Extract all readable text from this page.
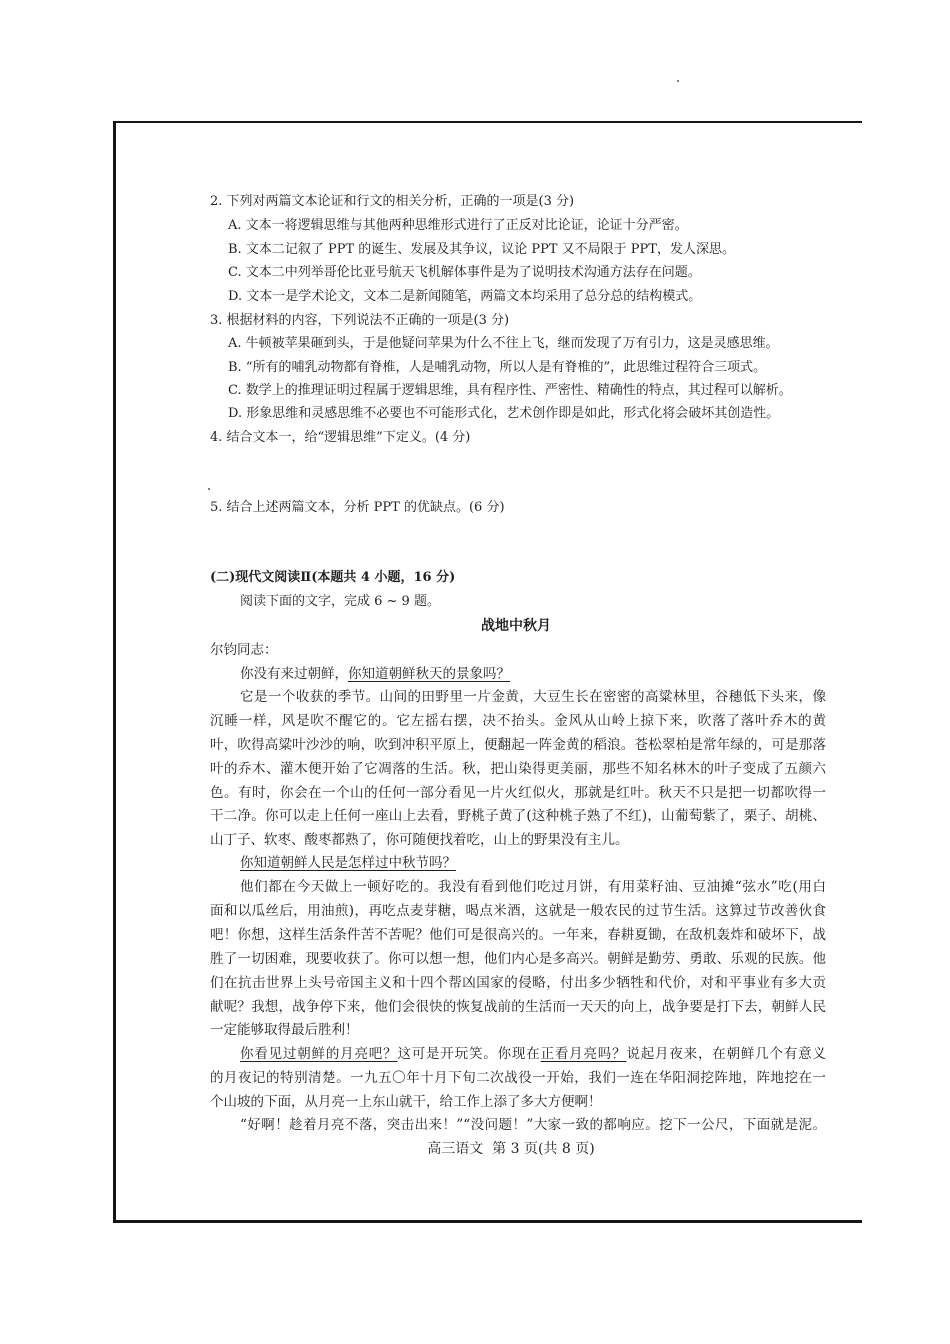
2. 下列对两篇文本论证和行文的相关分析，正确的一项是(3 分)
A. 文本一将逻辑思维与其他两种思维形式进行了正反对比论证，论证十分严密。
B. 文本二记叙了 PPT 的诞生、发展及其争议，议论 PPT 又不局限于 PPT，发人深思。
C. 文本二中列举哥伦比亚号航天飞机解体事件是为了说明技术沟通方法存在问题。
D. 文本一是学术论文，文本二是新闻随笔，两篇文本均采用了总分总的结构模式。
3. 根据材料的内容，下列说法不正确的一项是(3 分)
A. 牛顿被苹果砸到头，于是他疑问苹果为什么不往上飞，继而发现了万有引力，这是灵感思维。
B. “所有的哺乳动物都有脊椎，人是哺乳动物，所以人是有脊椎的”，此思维过程符合三项式。
C. 数学上的推理证明过程属于逻辑思维，具有程序性、严密性、精确性的特点，其过程可以解析。
D. 形象思维和灵感思维不必要也不可能形式化，艺术创作即是如此，形式化将会破坏其创造性。
4. 结合文本一，给“逻辑思维”下定义。(4 分)
5. 结合上述两篇文本，分析 PPT 的优缺点。(6 分)
(二)现代文阅读Ⅱ(本题共 4 小题，16 分)
阅读下面的文字，完成 6 ~ 9 题。
战地中秋月
尔钧同志：
你没有来过朝鲜，你知道朝鲜秋天的景象吗？
它是一个收获的季节。山间的田野里一片金黄，大豆生长在密密的高粱林里，谷穗低下头来，像
沉睡一样，风是吹不醒它的。它左摇右摆，决不抬头。金风从山岭上掠下来，吹落了落叶乔木的黄
叶，吹得高粱叶沙沙的响，吹到冲积平原上，便翻起一阵金黄的稻浪。苍松翠柏是常年绿的，可是那落
叶的乔木、灌木便开始了它凋落的生活。秋，把山染得更美丽，那些不知名林木的叶子变成了五颜六
色。有时，你会在一个山的任何一部分看见一片火红似火，那就是红叶。秋天不只是把一切都吹得一
干二净。你可以走上任何一座山上去看，野桃子黄了(这种桃子熟了不红)，山葡萄紫了，栗子、胡桃、
山丁子、软枣、酸枣都熟了，你可随便找着吃，山上的野果没有主儿。
你知道朝鲜人民是怎样过中秋节吗？
他们都在今天做上一顿好吃的。我没有看到他们吃过月饼，有用菜籽油、豆油摊“弦水”吃(用白
面和以瓜丝后，用油煎)，再吃点麦芽糖，喝点米酒，这就是一般农民的过节生活。这算过节改善伙食
吧！你想，这样生活条件苦不苦呢？他们可是很高兴的。一年来，春耕夏锄，在敌机轰炸和破坏下，战
胜了一切困难，现要收获了。你可以想一想，他们内心是多高兴。朝鲜是勤劳、勇敢、乐观的民族。他
们在抗击世界上头号帝国主义和十四个帮凶国家的侵略，付出多少牺牲和代价，对和平事业有多大贡
献呢？我想，战争停下来，他们会很快的恢复战前的生活而一天天的向上，战争要是打下去，朝鲜人民
一定能够取得最后胜利！
你看见过朝鲜的月亮吧？这可是开玩笑。你现在正看月亮吗？说起月夜来，在朝鲜几个有意义
的月夜记的特别清楚。一九五〇年十月下旬二次战役一开始，我们一连在华阳洞挖阵地，阵地挖在一
个山坡的下面，从月亮一上东山就干，给工作上添了多大方便啊！
“好啊！趁着月亮不落，突击出来！”“没问题！”大家一致的都响应。挖下一公尺，下面就是泥。
高三语文  第 3 页(共 8 页)
